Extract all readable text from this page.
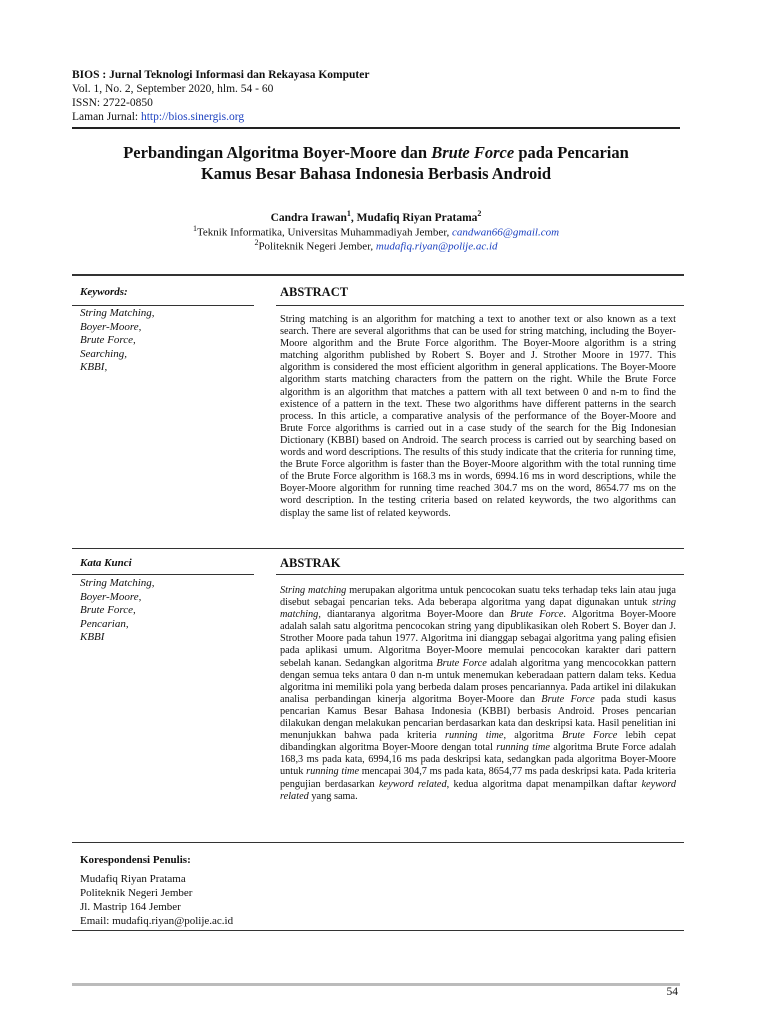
BIOS : Jurnal Teknologi Informasi dan Rekayasa Komputer
Vol. 1, No. 2, September 2020, hlm. 54 - 60
ISSN: 2722-0850
Laman Jurnal: http://bios.sinergis.org
Perbandingan Algoritma Boyer-Moore dan Brute Force pada Pencarian
Kamus Besar Bahasa Indonesia Berbasis Android
Candra Irawan$^1$, Mudafiq Riyan Pratama$^2$
$^1$Teknik Informatika, Universitas Muhammadiyah Jember, candwan66@gmail.com
$^2$Politeknik Negeri Jember, mudafiq.riyan@polije.ac.id
Keywords:	ABSTRACT
String Matching,
Boyer-Moore,
Brute Force,
Searching,
KBBI,
String matching is an algorithm for matching a text to another text or also known as a text search. There are several algorithms that can be used for string matching, including the Boyer-Moore algorithm and the Brute Force algorithm. The Boyer-Moore algorithm is a string matching algorithm published by Robert S. Boyer and J. Strother Moore in 1977. This algorithm is considered the most efficient algorithm in general applications. The Boyer-Moore algorithm starts matching characters from the pattern on the right. While the Brute Force algorithm is an algorithm that matches a pattern with all text between 0 and n-m to find the existence of a pattern in the text. These two algorithms have different patterns in the search process. In this article, a comparative analysis of the performance of the Boyer-Moore and Brute Force algorithms is carried out in a case study of the search for the Big Indonesian Dictionary (KBBI) based on Android. The search process is carried out by searching based on words and word descriptions. The results of this study indicate that the criteria for running time, the Brute Force algorithm is faster than the Boyer-Moore algorithm with the total running time of the Brute Force algorithm is 168.3 ms in words, 6994.16 ms in word descriptions, while the Boyer-Moore algorithm for running time reached 304.7 ms on the word, 8654.77 ms on the word description. In the testing criteria based on related keywords, the two algorithms can display the same list of related keywords.
Kata Kunci	ABSTRAK
String Matching,
Boyer-Moore,
Brute Force,
Pencarian,
KBBI
String matching merupakan algoritma untuk pencocokan suatu teks terhadap teks lain atau juga disebut sebagai pencarian teks. Ada beberapa algoritma yang dapat digunakan untuk string matching, diantaranya algoritma Boyer-Moore dan Brute Force. Algoritma Boyer-Moore adalah salah satu algoritma pencocokan string yang dipublikasikan oleh Robert S. Boyer dan J. Strother Moore pada tahun 1977. Algoritma ini dianggap sebagai algoritma yang paling efisien pada aplikasi umum. Algoritma Boyer-Moore memulai pencocokan karakter dari pattern sebelah kanan. Sedangkan algoritma Brute Force adalah algoritma yang mencocokkan pattern dengan semua teks antara 0 dan n-m untuk menemukan keberadaan pattern dalam teks. Kedua algoritma ini memiliki pola yang berbeda dalam proses pencariannya. Pada artikel ini dilakukan analisa perbandingan kinerja algoritma Boyer-Moore dan Brute Force pada studi kasus pencarian Kamus Besar Bahasa Indonesia (KBBI) berbasis Android. Proses pencarian dilakukan dengan melakukan pencarian berdasarkan kata dan deskripsi kata. Hasil penelitian ini menunjukkan bahwa pada kriteria running time, algoritma Brute Force lebih cepat dibandingkan algoritma Boyer-Moore dengan total running time algoritma Brute Force adalah 168,3 ms pada kata, 6994,16 ms pada deskripsi kata, sedangkan pada algoritma Boyer-Moore untuk running time mencapai 304,7 ms pada kata, 8654,77 ms pada deskripsi kata. Pada kriteria pengujian berdasarkan keyword related, kedua algoritma dapat menampilkan daftar keyword related yang sama.
Korespondensi Penulis:
Mudafiq Riyan Pratama
Politeknik Negeri Jember
Jl. Mastrip 164 Jember
Email: mudafiq.riyan@polije.ac.id
54
